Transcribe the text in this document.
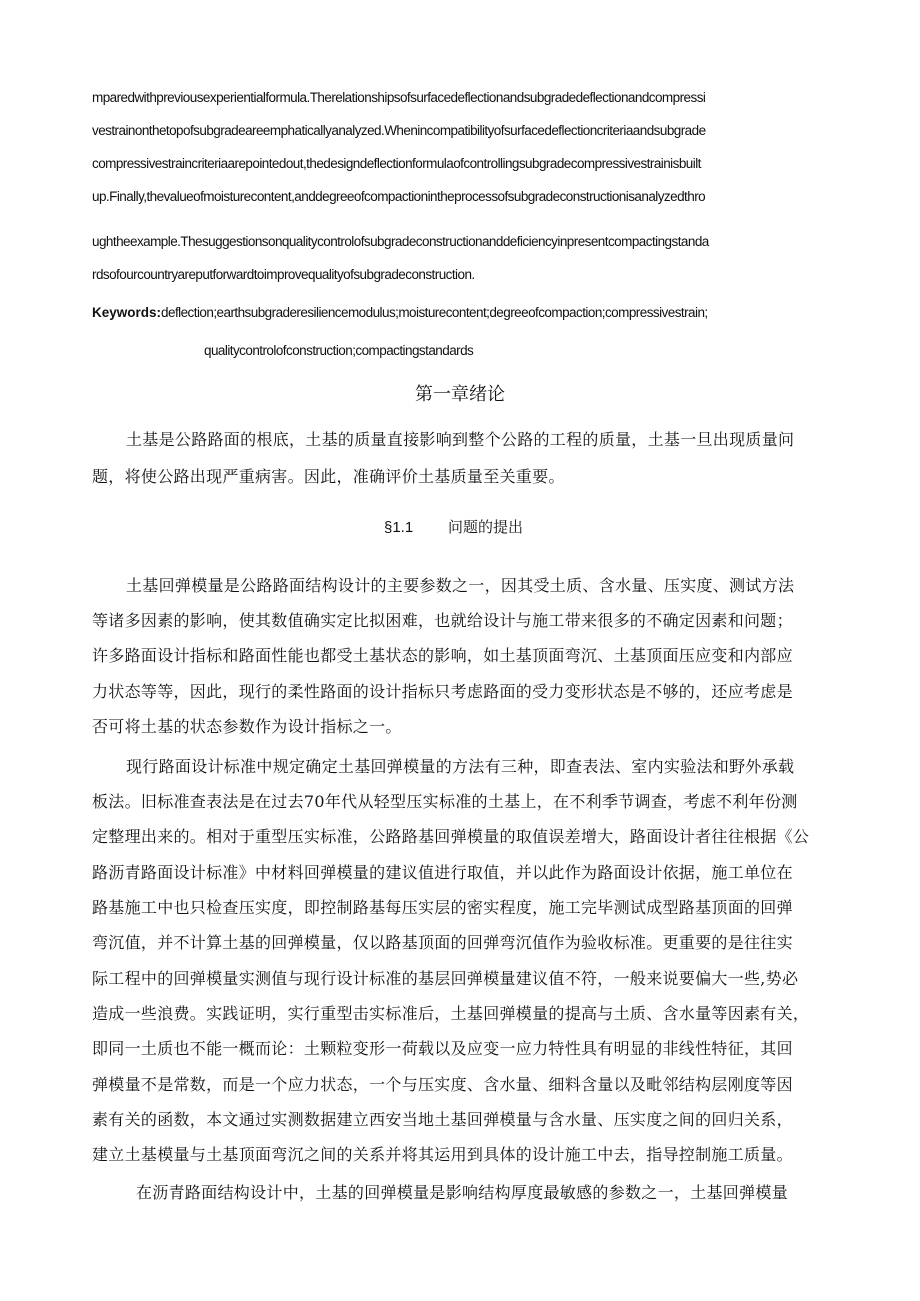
mparedwithpreviousexperientialformula.Therelationshipsofsurfacedeflectionandsubgradedeflectionandcompressi
vestrainonthetopofsubgradeareemphaticallyanalyzed.Whenincompatibilityofsurfacedeflectioncriteriaandsubgrade
compressivestraincriteriaarepointedout,thedesigndeflectionformulaofcontrollingsubgradecompressivestrainisbuilt
up.Finally,thevalueofmoisturecontent,anddegreeofcompactionintheprocessofsubgradeconstructionisanalyzedthro
ughtheexample.Thesuggestionsonqualitycontrolofsubgradeconstructionanddeficiencyinpresentcompactingstanda
rdsofourcountryareputforwardtoimprovequalityofsubgradeconstruction.
Keywords:deflection;earthsubgraderesiliencemodulus;moisturecontent;degreeofcompaction;compressivestrain;
qualitycontrolofconstruction;compactingstandards
第一章绪论
土基是公路路面的根底，土基的质量直接影响到整个公路的工程的质量，土基一旦出现质量问
题，将使公路出现严重病害。因此，准确评价土基质量至关重要。
§1.1 问题的提出
土基回弹模量是公路路面结构设计的主要参数之一，因其受土质、含水量、压实度、测试方法
等诸多因素的影响，使其数值确实定比拟困难，也就给设计与施工带来很多的不确定因素和问题；
许多路面设计指标和路面性能也都受土基状态的影响，如土基顶面弯沉、土基顶面压应变和内部应
力状态等等，因此，现行的柔性路面的设计指标只考虑路面的受力变形状态是不够的，还应考虑是
否可将土基的状态参数作为设计指标之一。
现行路面设计标准中规定确定土基回弹模量的方法有三种，即查表法、室内实验法和野外承载
板法。旧标准查表法是在过去70年代从轻型压实标准的土基上，在不利季节调查，考虑不利年份测
定整理出来的。相对于重型压实标准，公路路基回弹模量的取值误差增大，路面设计者往往根据《公
路沥青路面设计标准》中材料回弹模量的建议值进行取值，并以此作为路面设计依据，施工单位在
路基施工中也只检查压实度，即控制路基每压实层的密实程度，施工完毕测试成型路基顶面的回弹
弯沉值，并不计算土基的回弹模量，仅以路基顶面的回弹弯沉值作为验收标准。更重要的是往往实
际工程中的回弹模量实测值与现行设计标准的基层回弹模量建议值不符，一般来说要偏大一些,势必
造成一些浪费。实践证明，实行重型击实标准后，土基回弹模量的提高与土质、含水量等因素有关，
即同一土质也不能一概而论：土颗粒变形一荷载以及应变一应力特性具有明显的非线性特征，其回
弹模量不是常数，而是一个应力状态，一个与压实度、含水量、细料含量以及毗邻结构层刚度等因
素有关的函数，本文通过实测数据建立西安当地土基回弹模量与含水量、压实度之间的回归关系，
建立土基模量与土基顶面弯沉之间的关系并将其运用到具体的设计施工中去，指导控制施工质量。
在沥青路面结构设计中，土基的回弹模量是影响结构厚度最敏感的参数之一，土基回弹模量
